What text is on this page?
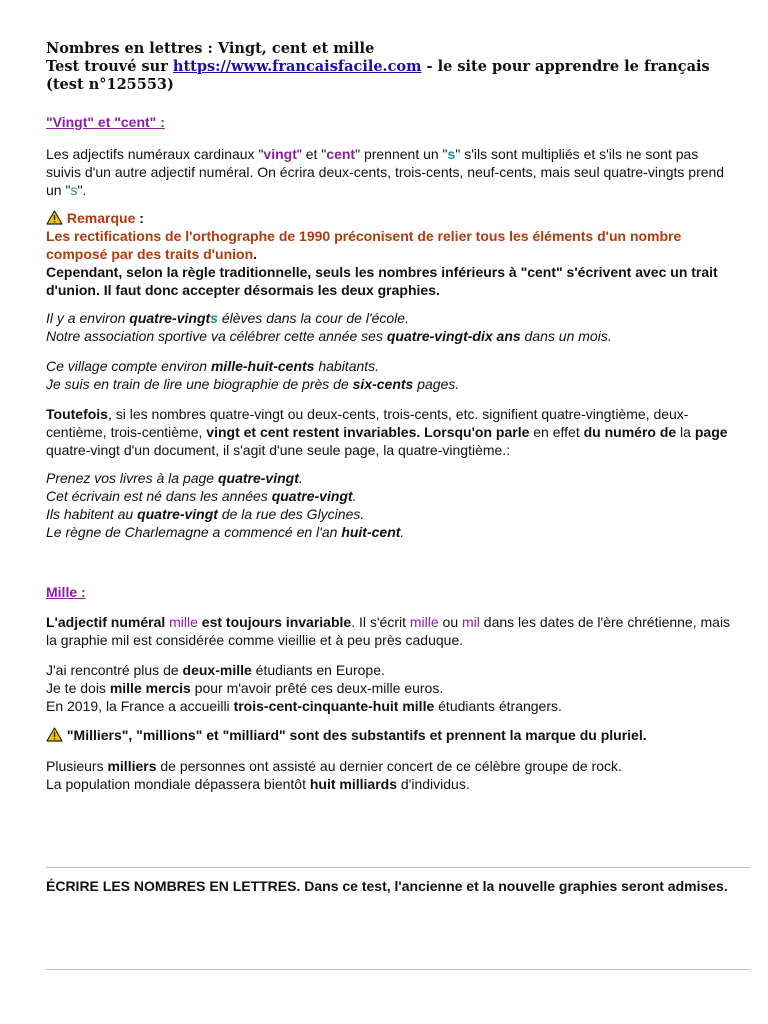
Nombres en lettres : Vingt, cent et mille
Test trouvé sur https://www.francaisfacile.com - le site pour apprendre le français (test n°125553)
"Vingt" et "cent" :
Les adjectifs numéraux cardinaux "vingt" et "cent" prennent un "s" s'ils sont multipliés et s'ils ne sont pas suivis d'un autre adjectif numéral. On écrira deux-cents, trois-cents, neuf-cents, mais seul quatre-vingts prend un "s".
Remarque :
Les rectifications de l'orthographe de 1990 préconisent de relier tous les éléments d'un nombre composé par des traits d'union.
Cependant, selon la règle traditionnelle, seuls les nombres inférieurs à "cent" s'écrivent avec un trait d'union. Il faut donc accepter désormais les deux graphies.
Il y a environ quatre-vingts élèves dans la cour de l'école.
Notre association sportive va célébrer cette année ses quatre-vingt-dix ans dans un mois.
Ce village compte environ mille-huit-cents habitants.
Je suis en train de lire une biographie de près de six-cents pages.
Toutefois, si les nombres quatre-vingt ou deux-cents, trois-cents, etc. signifient quatre-vingtième, deux-centième, trois-centième, vingt et cent restent invariables. Lorsqu'on parle en effet du numéro de la page quatre-vingt d'un document, il s'agit d'une seule page, la quatre-vingtième.:
Prenez vos livres à la page quatre-vingt.
Cet écrivain est né dans les années quatre-vingt.
Ils habitent au quatre-vingt de la rue des Glycines.
Le règne de Charlemagne a commencé en l'an huit-cent.
Mille :
L'adjectif numéral mille est toujours invariable. Il s'écrit mille ou mil dans les dates de l'ère chrétienne, mais la graphie mil est considérée comme vieillie et à peu près caduque.
J'ai rencontré plus de deux-mille étudiants en Europe.
Je te dois mille mercis pour m'avoir prêté ces deux-mille euros.
En 2019, la France a accueilli trois-cent-cinquante-huit mille étudiants étrangers.
"Milliers", "millions" et "milliard" sont des substantifs et prennent la marque du pluriel.
Plusieurs milliers de personnes ont assisté au dernier concert de ce célèbre groupe de rock.
La population mondiale dépassera bientôt huit milliards d'individus.
ÉCRIRE LES NOMBRES EN LETTRES. Dans ce test, l'ancienne et la nouvelle graphies seront admises.
